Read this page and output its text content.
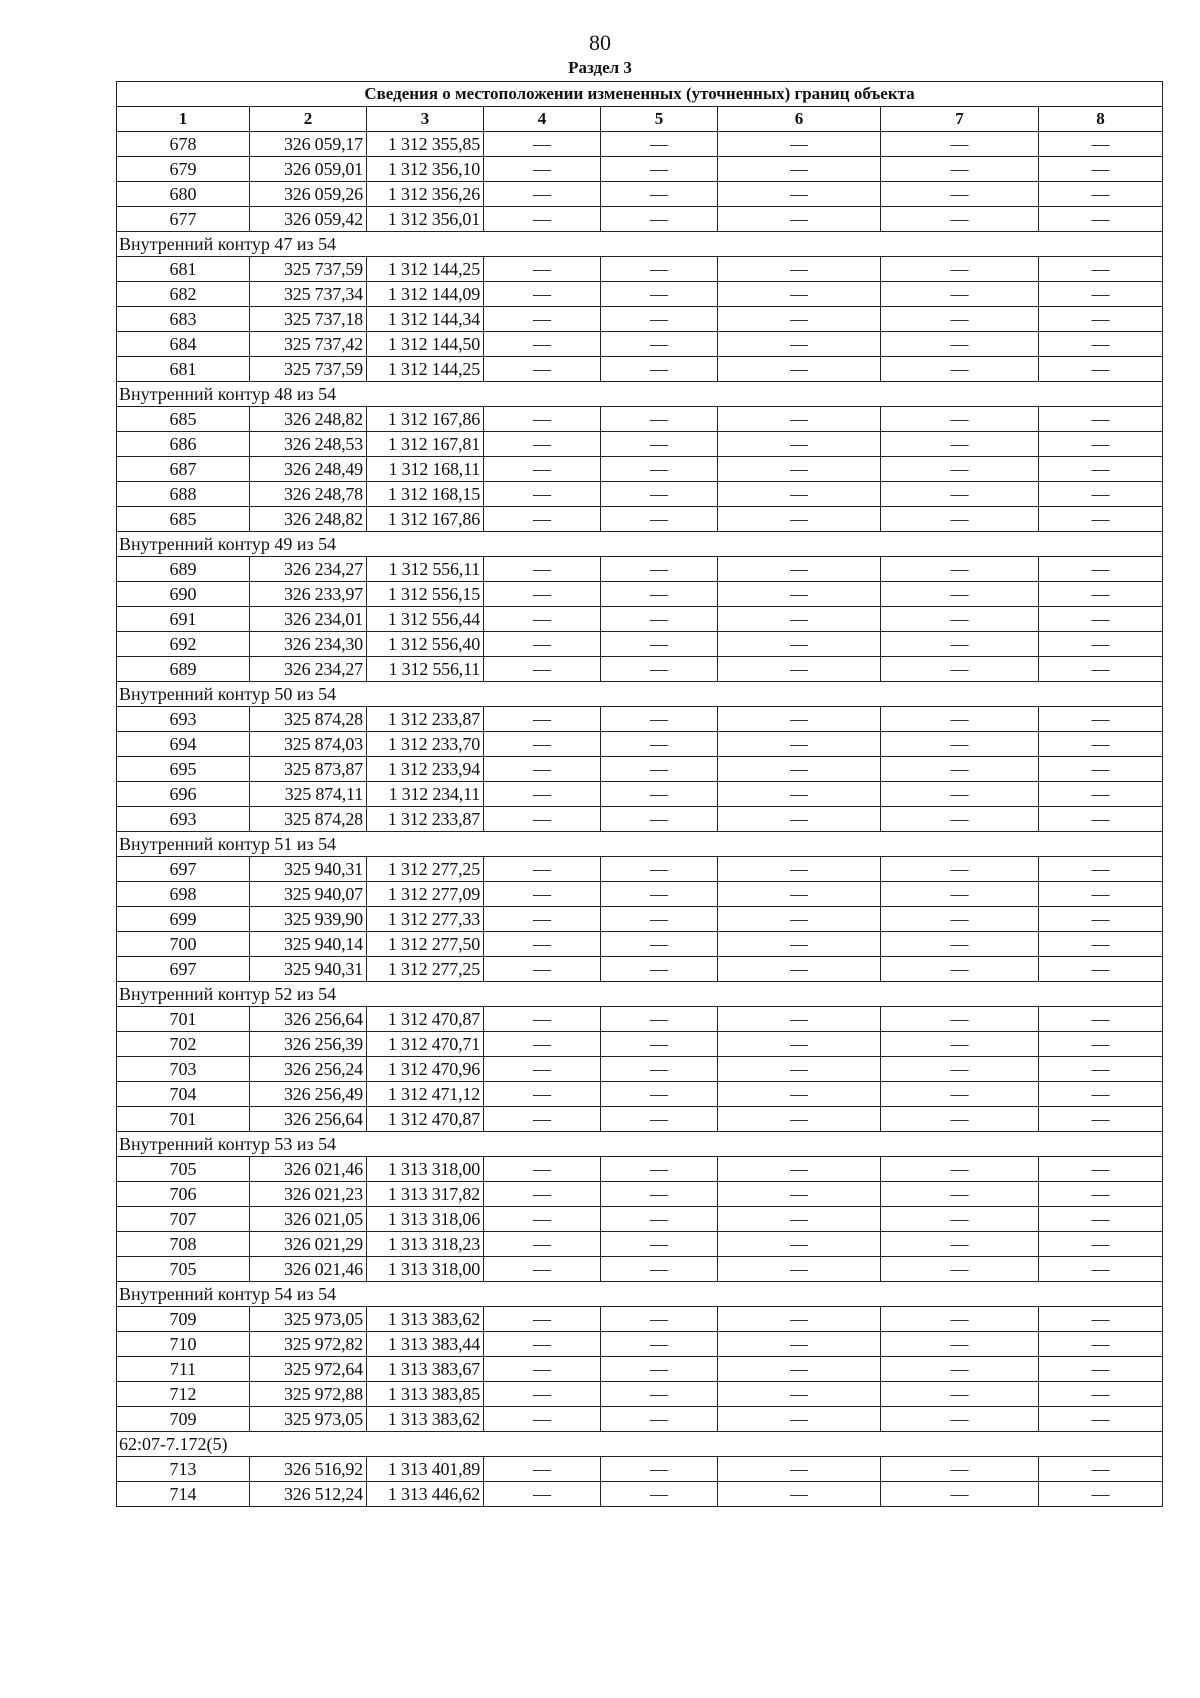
80
Раздел 3
Сведения о местоположении измененных (уточненных) границ объекта							
1	2	3	4	5	6	7	8
678	326 059,17	1 312 355,85	—	—	—	—	—
679	326 059,01	1 312 356,10	—	—	—	—	—
680	326 059,26	1 312 356,26	—	—	—	—	—
677	326 059,42	1 312 356,01	—	—	—	—	—
Внутренний контур 47 из 54							
681	325 737,59	1 312 144,25	—	—	—	—	—
682	325 737,34	1 312 144,09	—	—	—	—	—
683	325 737,18	1 312 144,34	—	—	—	—	—
684	325 737,42	1 312 144,50	—	—	—	—	—
681	325 737,59	1 312 144,25	—	—	—	—	—
Внутренний контур 48 из 54							
685	326 248,82	1 312 167,86	—	—	—	—	—
686	326 248,53	1 312 167,81	—	—	—	—	—
687	326 248,49	1 312 168,11	—	—	—	—	—
688	326 248,78	1 312 168,15	—	—	—	—	—
685	326 248,82	1 312 167,86	—	—	—	—	—
Внутренний контур 49 из 54							
689	326 234,27	1 312 556,11	—	—	—	—	—
690	326 233,97	1 312 556,15	—	—	—	—	—
691	326 234,01	1 312 556,44	—	—	—	—	—
692	326 234,30	1 312 556,40	—	—	—	—	—
689	326 234,27	1 312 556,11	—	—	—	—	—
Внутренний контур 50 из 54							
693	325 874,28	1 312 233,87	—	—	—	—	—
694	325 874,03	1 312 233,70	—	—	—	—	—
695	325 873,87	1 312 233,94	—	—	—	—	—
696	325 874,11	1 312 234,11	—	—	—	—	—
693	325 874,28	1 312 233,87	—	—	—	—	—
Внутренний контур 51 из 54							
697	325 940,31	1 312 277,25	—	—	—	—	—
698	325 940,07	1 312 277,09	—	—	—	—	—
699	325 939,90	1 312 277,33	—	—	—	—	—
700	325 940,14	1 312 277,50	—	—	—	—	—
697	325 940,31	1 312 277,25	—	—	—	—	—
Внутренний контур 52 из 54							
701	326 256,64	1 312 470,87	—	—	—	—	—
702	326 256,39	1 312 470,71	—	—	—	—	—
703	326 256,24	1 312 470,96	—	—	—	—	—
704	326 256,49	1 312 471,12	—	—	—	—	—
701	326 256,64	1 312 470,87	—	—	—	—	—
Внутренний контур 53 из 54							
705	326 021,46	1 313 318,00	—	—	—	—	—
706	326 021,23	1 313 317,82	—	—	—	—	—
707	326 021,05	1 313 318,06	—	—	—	—	—
708	326 021,29	1 313 318,23	—	—	—	—	—
705	326 021,46	1 313 318,00	—	—	—	—	—
Внутренний контур 54 из 54							
709	325 973,05	1 313 383,62	—	—	—	—	—
710	325 972,82	1 313 383,44	—	—	—	—	—
711	325 972,64	1 313 383,67	—	—	—	—	—
712	325 972,88	1 313 383,85	—	—	—	—	—
709	325 973,05	1 313 383,62	—	—	—	—	—
62:07-7.172(5)							
713	326 516,92	1 313 401,89	—	—	—	—	—
714	326 512,24	1 313 446,62	—	—	—	—	—
